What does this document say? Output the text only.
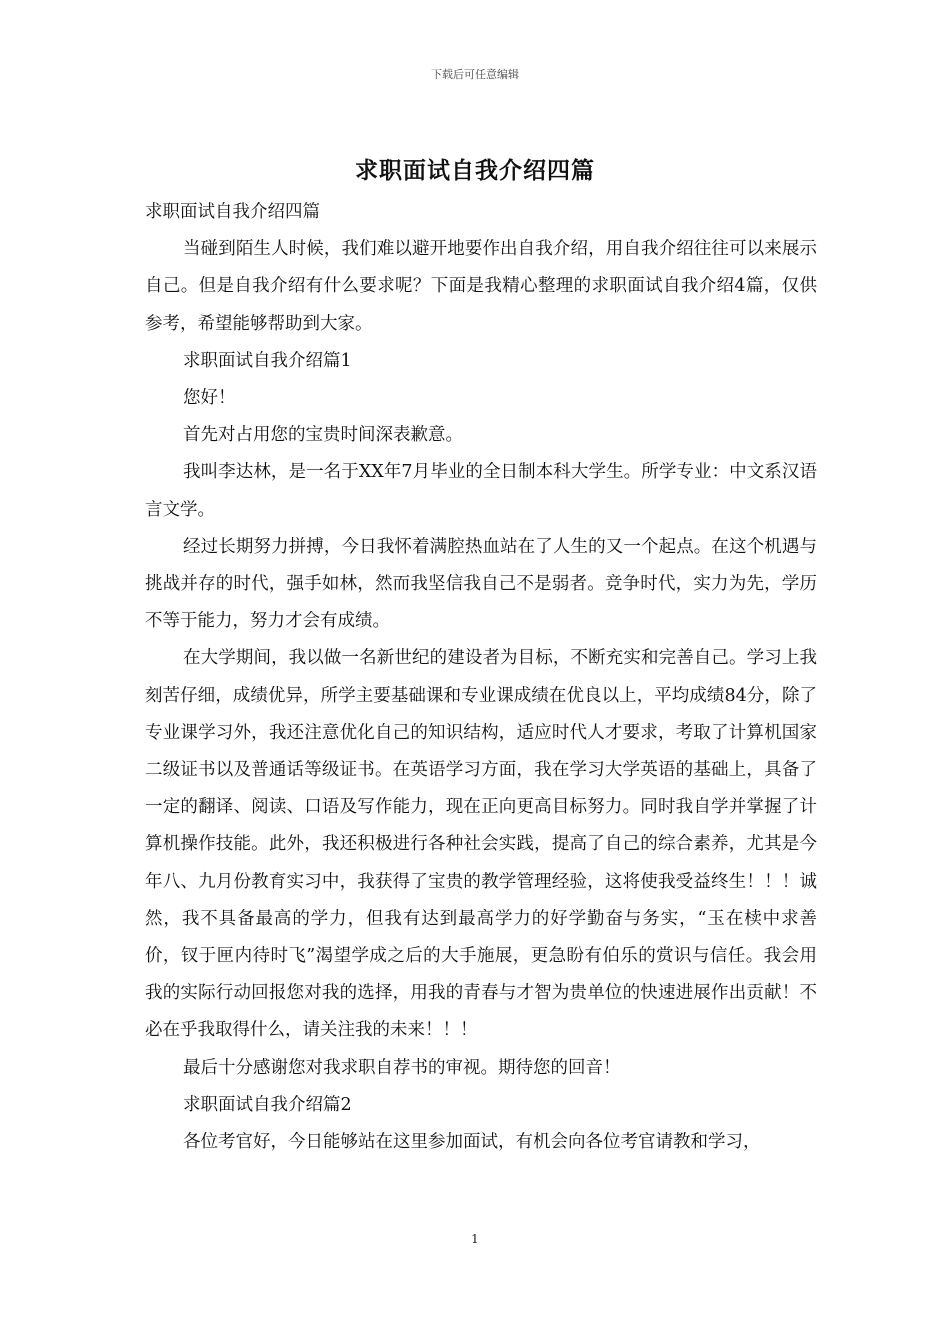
下载后可任意编辑
求职面试自我介绍四篇

求职面试自我介绍四篇

当碰到陌生人时候，我们难以避开地要作出自我介绍，用自我介绍往往可以来展示自己。但是自我介绍有什么要求呢？下面是我精心整理的求职面试自我介绍4篇，仅供参考，希望能够帮助到大家。

求职面试自我介绍篇1

您好！

首先对占用您的宝贵时间深表歉意。

我叫李达林，是一名于XX年7月毕业的全日制本科大学生。所学专业：中文系汉语言文学。

经过长期努力拼搏，今日我怀着满腔热血站在了人生的又一个起点。在这个机遇与挑战并存的时代，强手如林，然而我坚信我自己不是弱者。竞争时代，实力为先，学历不等于能力，努力才会有成绩。

在大学期间，我以做一名新世纪的建设者为目标，不断充实和完善自己。学习上我刻苦仔细，成绩优异，所学主要基础课和专业课成绩在优良以上，平均成绩84分，除了专业课学习外，我还注意优化自己的知识结构，适应时代人才要求，考取了计算机国家二级证书以及普通话等级证书。在英语学习方面，我在学习大学英语的基础上，具备了一定的翻译、阅读、口语及写作能力，现在正向更高目标努力。同时我自学并掌握了计算机操作技能。此外，我还积极进行各种社会实践，提高了自己的综合素养，尤其是今年八、九月份教育实习中，我获得了宝贵的教学管理经验，这将使我受益终生！！！诚然，我不具备最高的学力，但我有达到最高学力的好学勤奋与务实，“玉在椟中求善价，钗于匣内待时飞”渴望学成之后的大手施展，更急盼有伯乐的赏识与信任。我会用我的实际行动回报您对我的选择，用我的青春与才智为贵单位的快速进展作出贡献！不必在乎我取得什么，请关注我的未来！！！

最后十分感谢您对我求职自荐书的审视。期待您的回音！

求职面试自我介绍篇2

各位考官好，今日能够站在这里参加面试，有机会向各位考官请教和学习，

1
